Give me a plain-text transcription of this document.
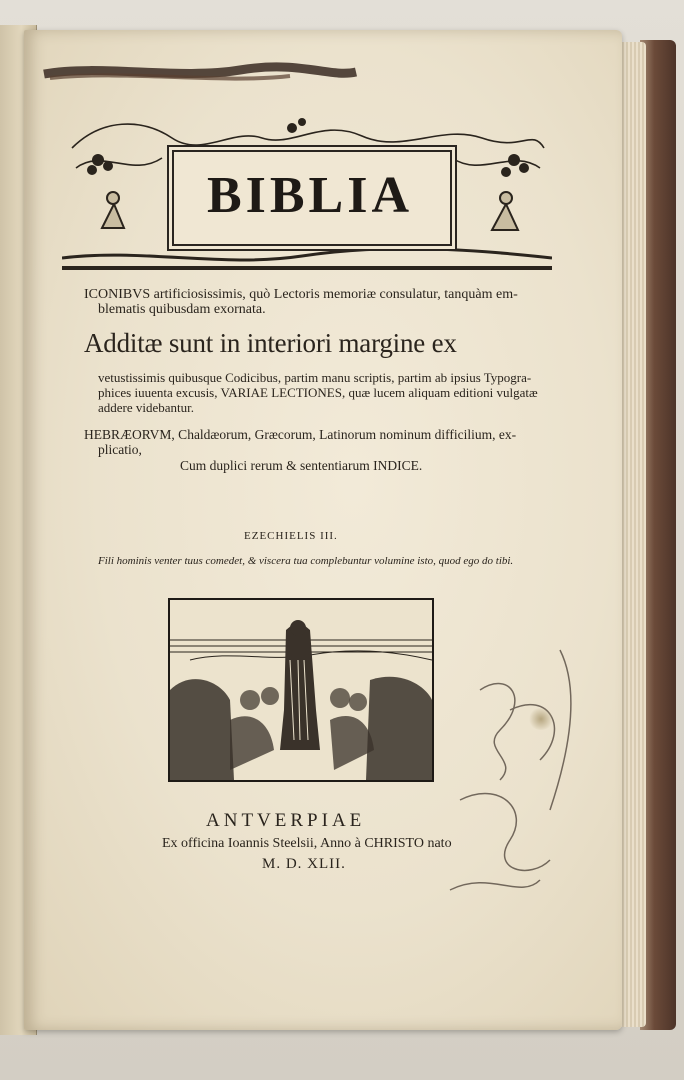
BIBLIA
ICONIBVS artificiosissimis, quò Lectoris memoriæ consulatur, tanquàm em-
blematis quibusdam exornata.
Additæ sunt in interiori margine ex
vetustissimis quibusque Codicibus, partim manu scriptis, partim ab ipsius Typogra-
phices iuuenta excusis, VARIAE LECTIONES, quæ lucem aliquam editioni vulgatæ
addere videbantur.
HEBRÆORVM, Chaldæorum, Græcorum, Latinorum nominum difficilium, ex-
plicatio,
Cum duplici rerum & sententiarum INDICE.
EZECHIELIS III.
Fili hominis venter tuus comedet, & viscera tua complebuntur volumine isto, quod ego do tibi.
ANTVERPIAE
Ex officina Ioannis Steelsii, Anno à CHRISTO nato
M. D. XLII.
